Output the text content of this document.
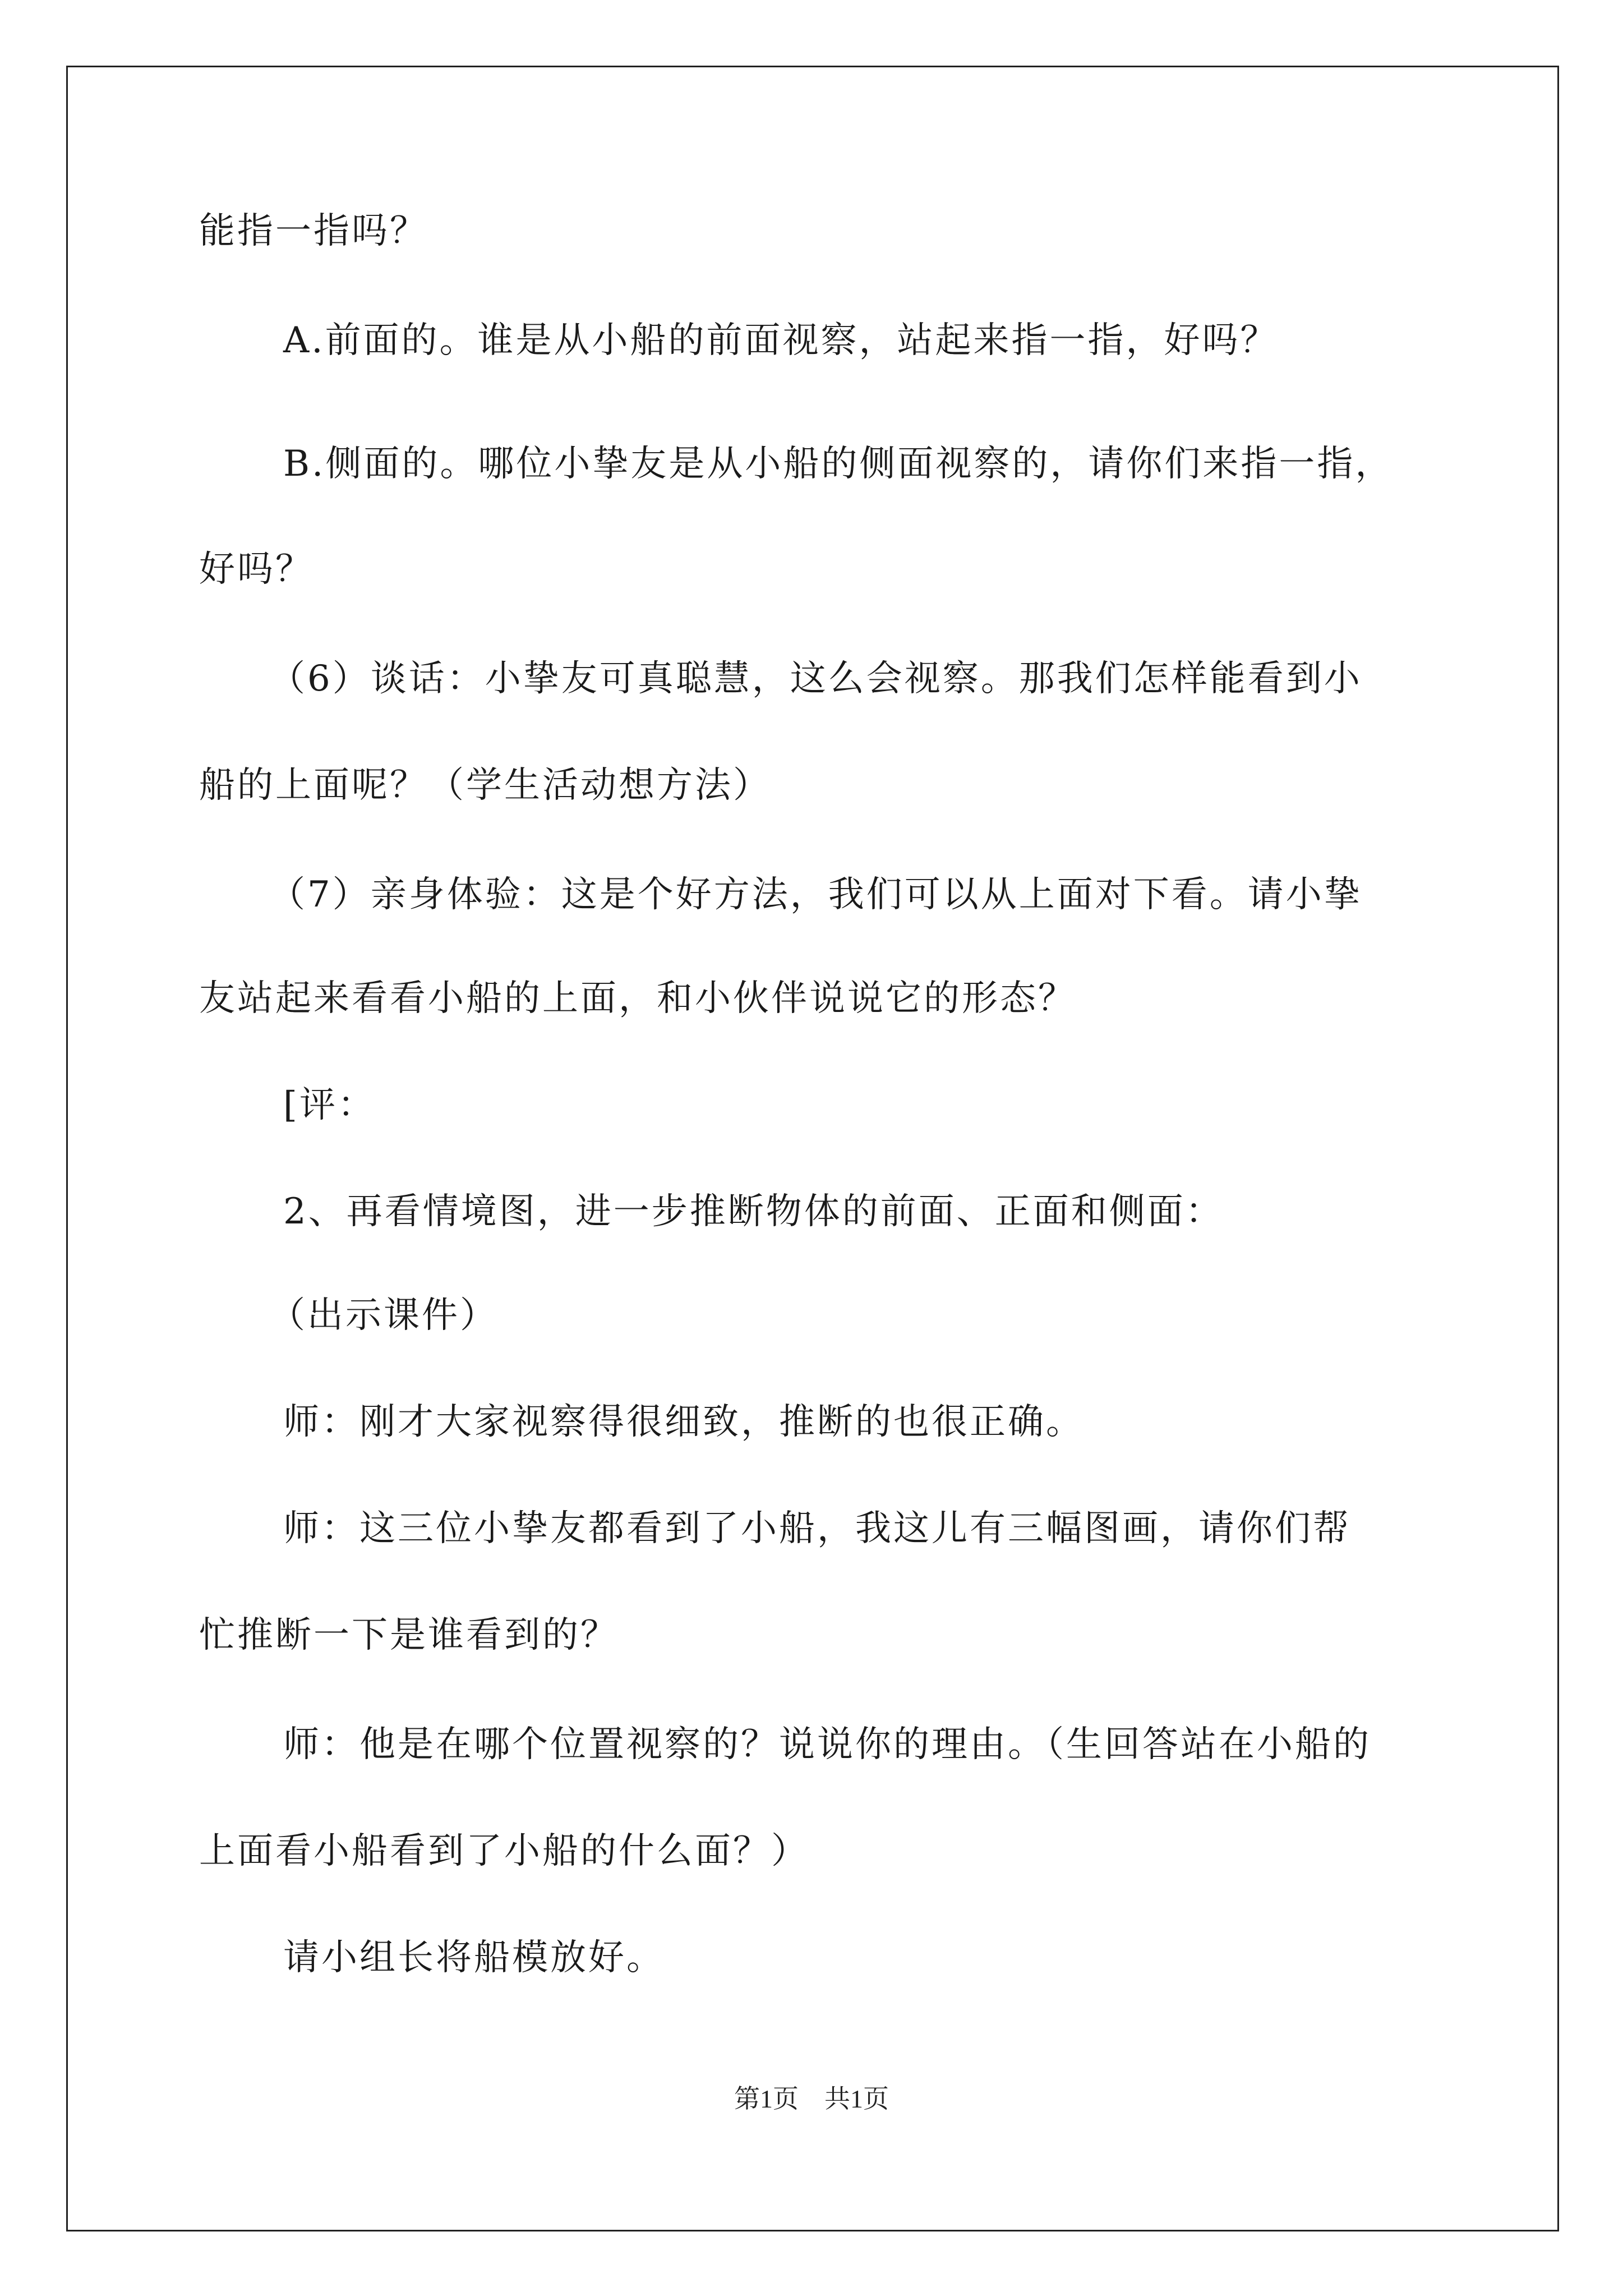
能指一指吗？
A.前面的。谁是从小船的前面视察，站起来指一指，好吗？
B.侧面的。哪位小挚友是从小船的侧面视察的，请你们来指一指，
好吗？
（6）谈话：小挚友可真聪慧，这么会视察。那我们怎样能看到小
船的上面呢？（学生活动想方法）
（7）亲身体验：这是个好方法，我们可以从上面对下看。请小挚
友站起来看看小船的上面，和小伙伴说说它的形态？
[评：
2、再看情境图，进一步推断物体的前面、正面和侧面：
（出示课件）
师：刚才大家视察得很细致，推断的也很正确。
师：这三位小挚友都看到了小船，我这儿有三幅图画，请你们帮
忙推断一下是谁看到的？
师：他是在哪个位置视察的？说说你的理由。（生回答站在小船的
上面看小船看到了小船的什么面？）
请小组长将船模放好。
第1页　共1页
